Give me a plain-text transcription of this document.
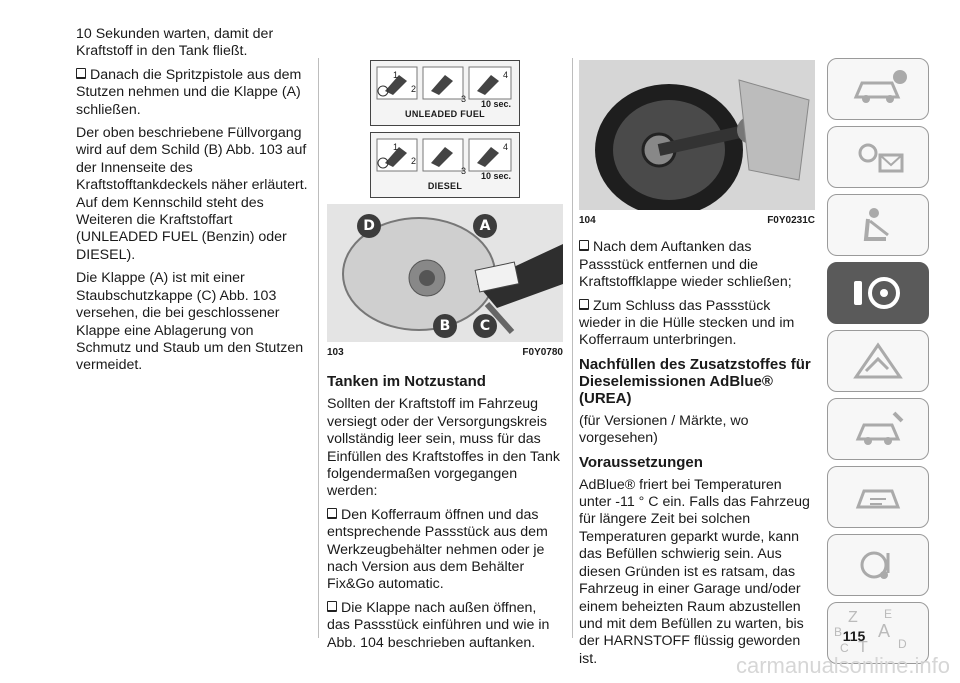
10 Sekunden warten, damit der Kraftstoff in den Tank fließt.

Danach die Spritzpistole aus dem Stutzen nehmen und die Klappe (A) schließen.

Der oben beschriebene Füllvorgang wird auf dem Schild (B) Abb. 103 auf der Innenseite des Kraftstofftankdeckels näher erläutert. Auf dem Kennschild steht des Weiteren die Kraftstoffart (UNLEADED FUEL (Benzin) oder DIESEL).

Die Klappe (A) ist mit einer Staubschutzkappe (C) Abb. 103 versehen, die bei geschlossener Klappe eine Ablagerung von Schmutz und Staub um den Stutzen vermeidet.

1
2
3
4
10 sec.
UNLEADED FUEL
1
2
3
4
10 sec.
DIESEL
D	A
B	C
103	F0Y0780

Tanken im Notzustand

Sollten der Kraftstoff im Fahrzeug versiegt oder der Versorgungskreis vollständig leer sein, muss für das Einfüllen des Kraftstoffes in den Tank folgendermaßen vorgegangen werden:

Den Kofferraum öffnen und das entsprechende Passstück aus dem Werkzeugbehälter nehmen oder je nach Version aus dem Behälter Fix&Go automatic.

Die Klappe nach außen öffnen, das Passstück einführen und wie in Abb. 104 beschrieben auftanken.

104	F0Y0231C

Nach dem Auftanken das Passstück entfernen und die Kraftstoffklappe wieder schließen;

Zum Schluss das Passstück wieder in die Hülle stecken und im Kofferraum unterbringen.

Nachfüllen des Zusatzstoffes für Dieselemissionen AdBlue® (UREA)

(für Versionen / Märkte, wo vorgesehen)

Voraussetzungen

AdBlue® friert bei Temperaturen unter -11 ° C ein. Falls das Fahrzeug für längere Zeit bei solchen Temperaturen geparkt wurde, kann das Befüllen schwierig sein. Aus diesen Gründen ist es ratsam, das Fahrzeug in einer Garage und/oder einem beheizten Raum abzustellen und mit dem Befüllen zu warten, bis der HARNSTOFF flüssig geworden ist.

Z E
B A
C T	D
115
carmanualsonline.info
